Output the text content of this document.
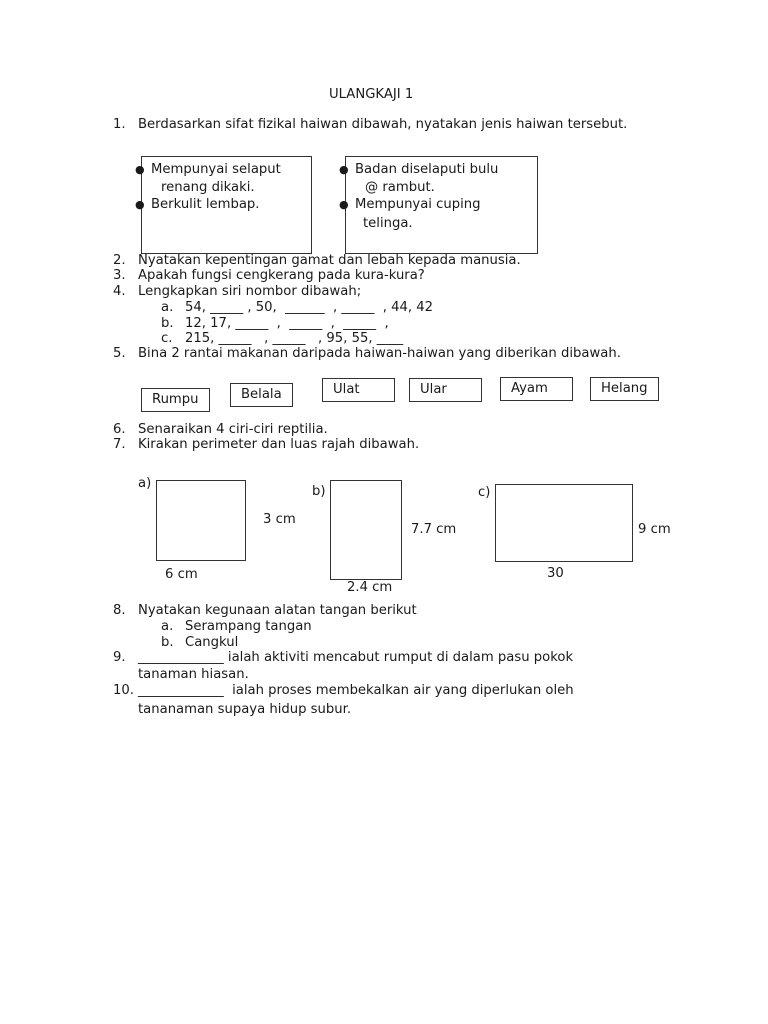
ULANGKAJI 1
1. Berdasarkan sifat fizikal haiwan dibawah, nyatakan jenis haiwan tersebut.
● Mempunyai selaput
renang dikaki.
● Berkulit lembap.
● Badan diselaputi bulu
@ rambut.
● Mempunyai cuping
telinga.
2. Nyatakan kepentingan gamat dan lebah kepada manusia.
3. Apakah fungsi cengkerang pada kura-kura?
4. Lengkapkan siri nombor dibawah;
a. 54, _____ , 50,  ______  , _____  , 44, 42
b. 12, 17, _____  ,  _____  ,  _____  ,
c. 215, _____   , _____   , 95, 55, ____
5. Bina 2 rantai makanan daripada haiwan-haiwan yang diberikan dibawah.
Rumpu	Belala	Ulat	Ular	Ayam	Helang
6. Senaraikan 4 ciri-ciri reptilia.
7. Kirakan perimeter dan luas rajah dibawah.
a)
3 cm
6 cm
b)
7.7 cm
2.4 cm
c)
9 cm
30
8. Nyatakan kegunaan alatan tangan berikut
a. Serampang tangan
b. Cangkul
9. _____________ ialah aktiviti mencabut rumput di dalam pasu pokok
tanaman hiasan.
10. _____________  ialah proses membekalkan air yang diperlukan oleh
tananaman supaya hidup subur.
